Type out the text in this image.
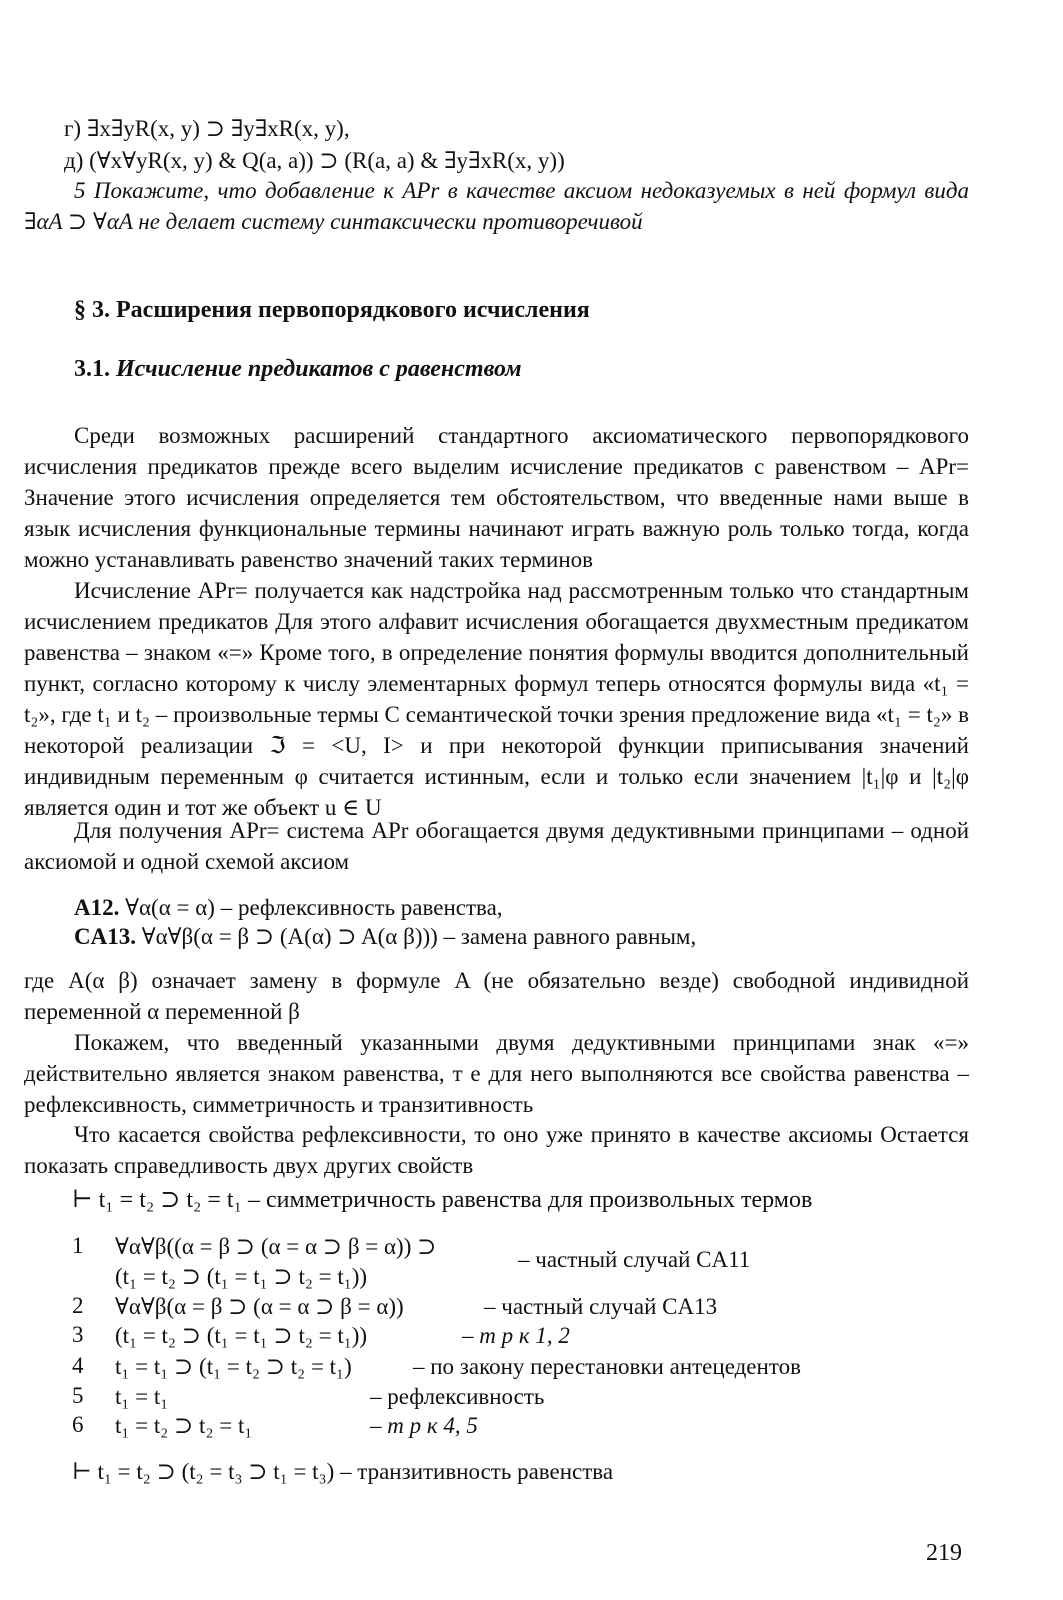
г) ∃x∃yR(x, y) ⊃ ∃y∃xR(x, y),
д) (∀x∀yR(x, y) & Q(a, a)) ⊃ (R(a, a) & ∃y∃xR(x, y))
5 Покажите, что добавление к APr в качестве аксиом недоказуемых в ней формул вида ∃αA ⊃ ∀αA не делает систему синтаксически противоречивой
§ 3. Расширения первопорядкового исчисления
3.1. Исчисление предикатов с равенством
Среди возможных расширений стандартного аксиоматического первопорядкового исчисления предикатов прежде всего выделим исчисление предикатов с равенством – APr= Значение этого исчисления определяется тем обстоятельством, что введенные нами выше в язык исчисления функциональные термины начинают играть важную роль только тогда, когда можно устанавливать равенство значений таких терминов
Исчисление APr= получается как надстройка над рассмотренным только что стандартным исчислением предикатов Для этого алфавит исчисления обогащается двухместным предикатом равенства – знаком «=» Кроме того, в определение понятия формулы вводится дополнительный пункт, согласно которому к числу элементарных формул теперь относятся формулы вида «t₁ = t₂», где t₁ и t₂ – произвольные термы С семантической точки зрения предложение вида «t₁ = t₂» в некоторой реализации ℑ = <U, I> и при некоторой функции приписывания значений индивидным переменным φ считается истинным, если и только если значением |t₁|φ и |t₂|φ является один и тот же объект u ∈ U
Для получения APr= система APr обогащается двумя дедуктивными принципами – одной аксиомой и одной схемой аксиом
A12. ∀α(α = α) – рефлексивность равенства,
CA13. ∀α∀β(α = β ⊃ (A(α) ⊃ A(α β))) – замена равного равным,
где A(α β) означает замену в формуле A (не обязательно везде) свободной индивидной переменной α переменной β
Покажем, что введенный указанными двумя дедуктивными принципами знак «=» действительно является знаком равенства, т е для него выполняются все свойства равенства – рефлексивность, симметричность и транзитивность
Что касается свойства рефлексивности, то оно уже принято в качестве аксиомы Остается показать справедливость двух других свойств
⊢ t₁ = t₂ ⊃ t₂ = t₁ – симметричность равенства для произвольных термов
1 ∀α∀β((α = β ⊃ (α = α ⊃ β = α)) ⊃
(t₁ = t₂ ⊃ (t₁ = t₁ ⊃ t₂ = t₁))
– частный случай CA11
2 ∀α∀β(α = β ⊃ (α = α ⊃ β = α))	– частный случай CA13
3 (t₁ = t₂ ⊃ (t₁ = t₁ ⊃ t₂ = t₁))	– m p к 1, 2
4 t₁ = t₁ ⊃ (t₁ = t₂ ⊃ t₂ = t₁)	– по закону перестановки антецедентов
5 t₁ = t₁	– рефлексивность
6 t₁ = t₂ ⊃ t₂ = t₁	– m p к 4, 5
⊢ t₁ = t₂ ⊃ (t₂ = t₃ ⊃ t₁ = t₃) – транзитивность равенства
219
